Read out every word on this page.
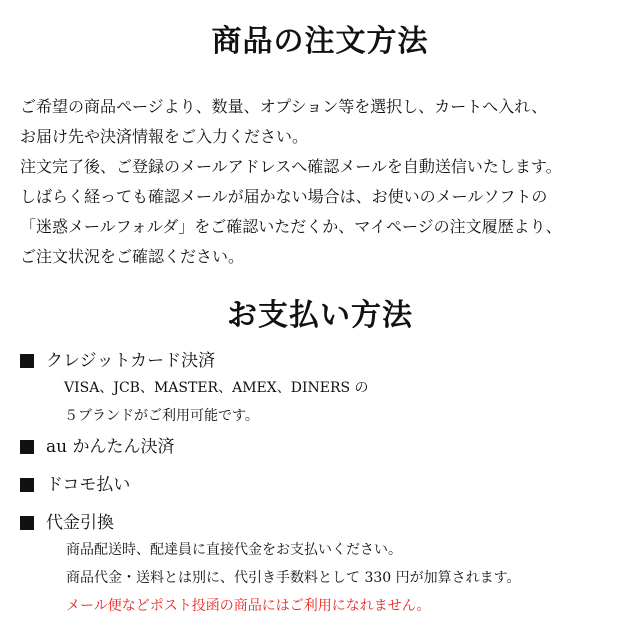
商品の注文方法

ご希望の商品ページより、数量、オプション等を選択し、カートへ入れ、

お届け先や決済情報をご入力ください。

注文完了後、ご登録のメールアドレスへ確認メールを自動送信いたします。

しばらく経っても確認メールが届かない場合は、お使いのメールソフトの

「迷惑メールフォルダ」をご確認いただくか、マイページの注文履歴より、

ご注文状況をご確認ください。

お支払い方法
クレジットカード決済
VISA、JCB、MASTER、AMEX、DINERS の
５ブランドがご利用可能です。
au かんたん決済
ドコモ払い
代金引換
商品配送時、配達員に直接代金をお支払いください。
商品代金・送料とは別に、代引き手数料として 330 円が加算されます。
メール便などポスト投函の商品にはご利用になれません。
